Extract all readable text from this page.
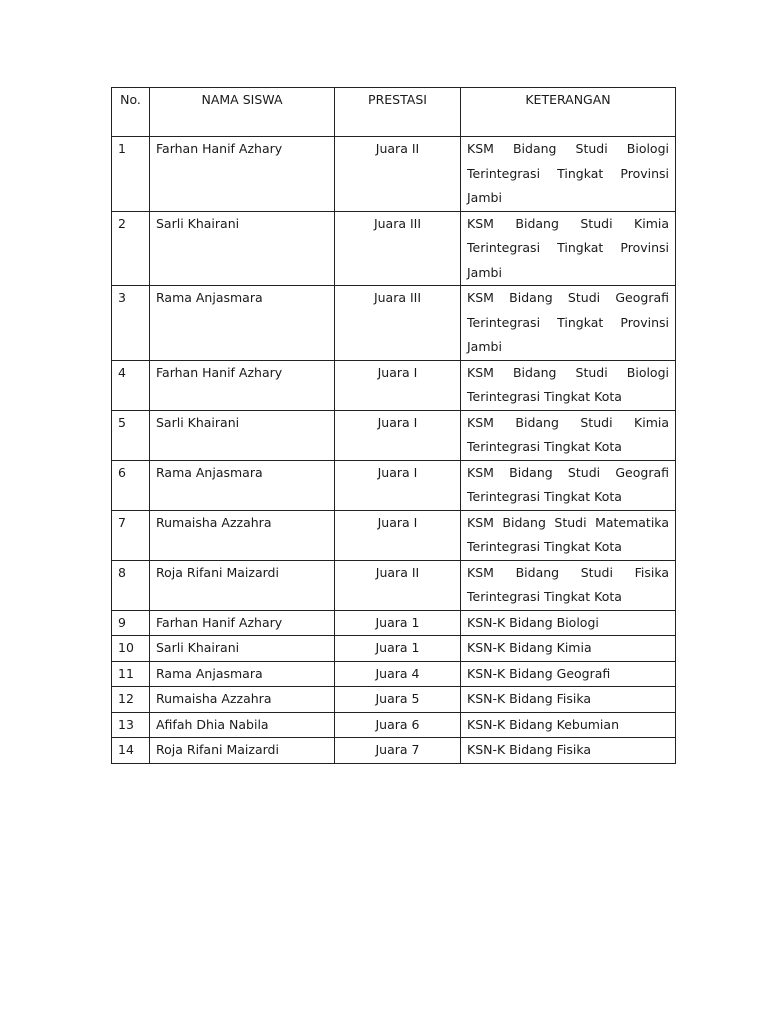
No.	NAMA SISWA	PRESTASI	KETERANGAN
1	Farhan Hanif Azhary	Juara II	KSM Bidang Studi Biologi Terintegrasi Tingkat Provinsi Jambi
2	Sarli Khairani	Juara III	KSM Bidang Studi Kimia Terintegrasi Tingkat Provinsi Jambi
3	Rama Anjasmara	Juara III	KSM Bidang Studi Geografi Terintegrasi Tingkat Provinsi Jambi
4	Farhan Hanif Azhary	Juara I	KSM Bidang Studi Biologi Terintegrasi Tingkat Kota
5	Sarli Khairani	Juara I	KSM Bidang Studi Kimia Terintegrasi Tingkat Kota
6	Rama Anjasmara	Juara I	KSM Bidang Studi Geografi Terintegrasi Tingkat Kota
7	Rumaisha Azzahra	Juara I	KSM Bidang Studi Matematika Terintegrasi Tingkat Kota
8	Roja Rifani Maizardi	Juara II	KSM Bidang Studi Fisika Terintegrasi Tingkat Kota
9	Farhan Hanif Azhary	Juara 1	KSN-K Bidang Biologi
10	Sarli Khairani	Juara 1	KSN-K Bidang Kimia
11	Rama Anjasmara	Juara 4	KSN-K Bidang Geografi
12	Rumaisha Azzahra	Juara 5	KSN-K Bidang Fisika
13	Afifah Dhia Nabila	Juara 6	KSN-K Bidang Kebumian
14	Roja Rifani Maizardi	Juara 7	KSN-K Bidang Fisika
